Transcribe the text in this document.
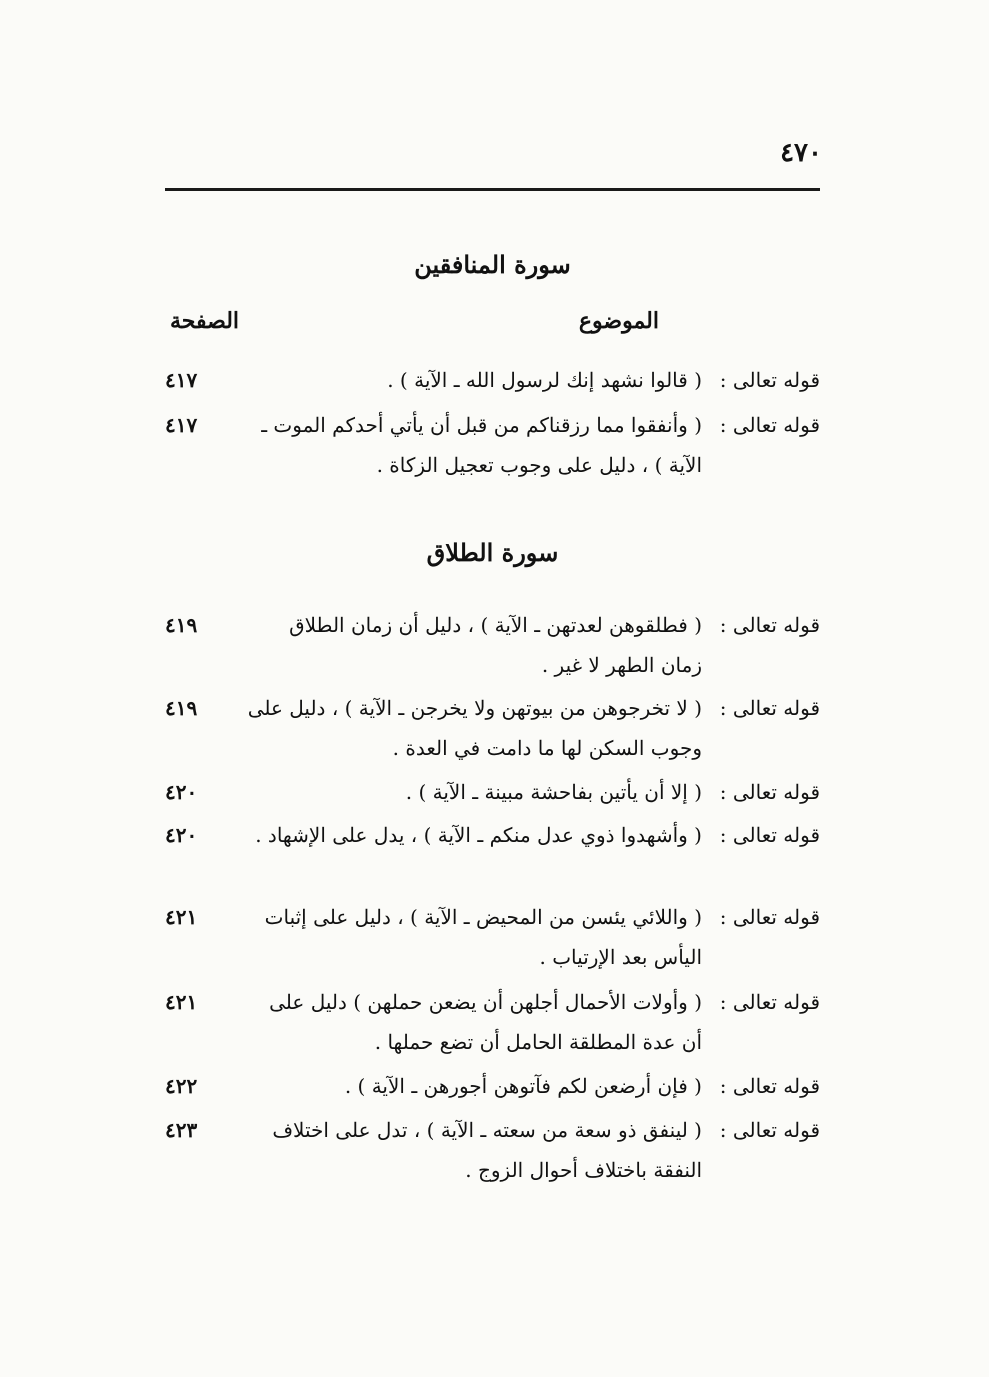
٤٧٠
سورة المنافقين
الموضوع
الصفحة
قوله تعالى :
( قالوا نشهد إنك لرسول الله ـ الآية ) .
٤١٧
قوله تعالى :
( وأنفقوا مما رزقناكم من قبل أن يأتي أحدكم الموت ـ الآية ) ، دليل على وجوب تعجيل الزكاة .
٤١٧
سورة الطلاق
قوله تعالى :
( فطلقوهن لعدتهن ـ الآية ) ، دليل أن زمان الطلاق زمان الطهر لا غير .
٤١٩
قوله تعالى :
( لا تخرجوهن من بيوتهن ولا يخرجن ـ الآية ) ، دليل على وجوب السكن لها ما دامت في العدة .
٤١٩
قوله تعالى :
( إلا أن يأتين بفاحشة مبينة ـ الآية ) .
٤٢٠
قوله تعالى :
( وأشهدوا ذوي عدل منكم ـ الآية ) ، يدل على الإشهاد .
٤٢٠
قوله تعالى :
( واللائي يئسن من المحيض ـ الآية ) ، دليل على إثبات اليأس بعد الإرتياب .
٤٢١
قوله تعالى :
( وأولات الأحمال أجلهن أن يضعن حملهن ) دليل على أن عدة المطلقة الحامل أن تضع حملها .
٤٢١
قوله تعالى :
( فإن أرضعن لكم فآتوهن أجورهن ـ الآية ) .
٤٢٢
قوله تعالى :
( لينفق ذو سعة من سعته ـ الآية ) ، تدل على اختلاف النفقة باختلاف أحوال الزوج .
٤٢٣
